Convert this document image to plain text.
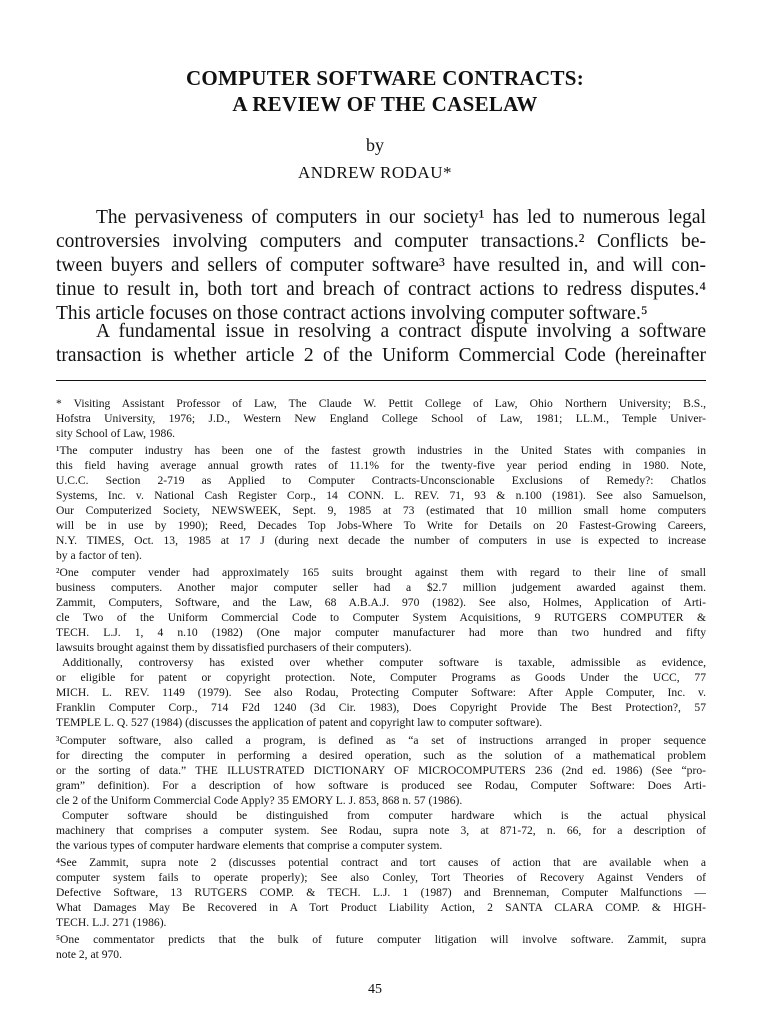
COMPUTER SOFTWARE CONTRACTS:
A REVIEW OF THE CASELAW
by
ANDREW RODAU*
The pervasiveness of computers in our society¹ has led to numerous legal
controversies involving computers and computer transactions.² Conflicts be-
tween buyers and sellers of computer software³ have resulted in, and will con-
tinue to result in, both tort and breach of contract actions to redress disputes.⁴
This article focuses on those contract actions involving computer software.⁵
A fundamental issue in resolving a contract dispute involving a software
transaction is whether article 2 of the Uniform Commercial Code (hereinafter
* Visiting Assistant Professor of Law, The Claude W. Pettit College of Law, Ohio Northern University; B.S.,
Hofstra University, 1976; J.D., Western New England College School of Law, 1981; LL.M., Temple Univer-
sity School of Law, 1986.
¹The computer industry has been one of the fastest growth industries in the United States with companies in
this field having average annual growth rates of 11.1% for the twenty-five year period ending in 1980. Note,
U.C.C. Section 2-719 as Applied to Computer Contracts-Unconscionable Exclusions of Remedy?: Chatlos
Systems, Inc. v. National Cash Register Corp., 14 CONN. L. REV. 71, 93 & n.100 (1981). See also Samuelson,
Our Computerized Society, NEWSWEEK, Sept. 9, 1985 at 73 (estimated that 10 million small home computers
will be in use by 1990); Reed, Decades Top Jobs-Where To Write for Details on 20 Fastest-Growing Careers,
N.Y. TIMES, Oct. 13, 1985 at 17 J (during next decade the number of computers in use is expected to increase
by a factor of ten).
²One computer vender had approximately 165 suits brought against them with regard to their line of small
business computers. Another major computer seller had a $2.7 million judgement awarded against them.
Zammit, Computers, Software, and the Law, 68 A.B.A.J. 970 (1982). See also, Holmes, Application of Arti-
cle Two of the Uniform Commercial Code to Computer System Acquisitions, 9 RUTGERS COMPUTER &
TECH. L.J. 1, 4 n.10 (1982) (One major computer manufacturer had more than two hundred and fifty
lawsuits brought against them by dissatisfied purchasers of their computers).
Additionally, controversy has existed over whether computer software is taxable, admissible as evidence,
or eligible for patent or copyright protection. Note, Computer Programs as Goods Under the UCC, 77
MICH. L. REV. 1149 (1979). See also Rodau, Protecting Computer Software: After Apple Computer, Inc. v.
Franklin Computer Corp., 714 F2d 1240 (3d Cir. 1983), Does Copyright Provide The Best Protection?, 57
TEMPLE L. Q. 527 (1984) (discusses the application of patent and copyright law to computer software).
³Computer software, also called a program, is defined as “a set of instructions arranged in proper sequence
for directing the computer in performing a desired operation, such as the solution of a mathematical problem
or the sorting of data.” THE ILLUSTRATED DICTIONARY OF MICROCOMPUTERS 236 (2nd ed. 1986) (See “pro-
gram” definition). For a description of how software is produced see Rodau, Computer Software: Does Arti-
cle 2 of the Uniform Commercial Code Apply? 35 EMORY L. J. 853, 868 n. 57 (1986).
Computer software should be distinguished from computer hardware which is the actual physical
machinery that comprises a computer system. See Rodau, supra note 3, at 871-72, n. 66, for a description of
the various types of computer hardware elements that comprise a computer system.
⁴See Zammit, supra note 2 (discusses potential contract and tort causes of action that are available when a
computer system fails to operate properly); See also Conley, Tort Theories of Recovery Against Venders of
Defective Software, 13 RUTGERS COMP. & TECH. L.J. 1 (1987) and Brenneman, Computer Malfunctions —
What Damages May Be Recovered in A Tort Product Liability Action, 2 SANTA CLARA COMP. & HIGH-
TECH. L.J. 271 (1986).
⁵One commentator predicts that the bulk of future computer litigation will involve software. Zammit, supra
note 2, at 970.
45
